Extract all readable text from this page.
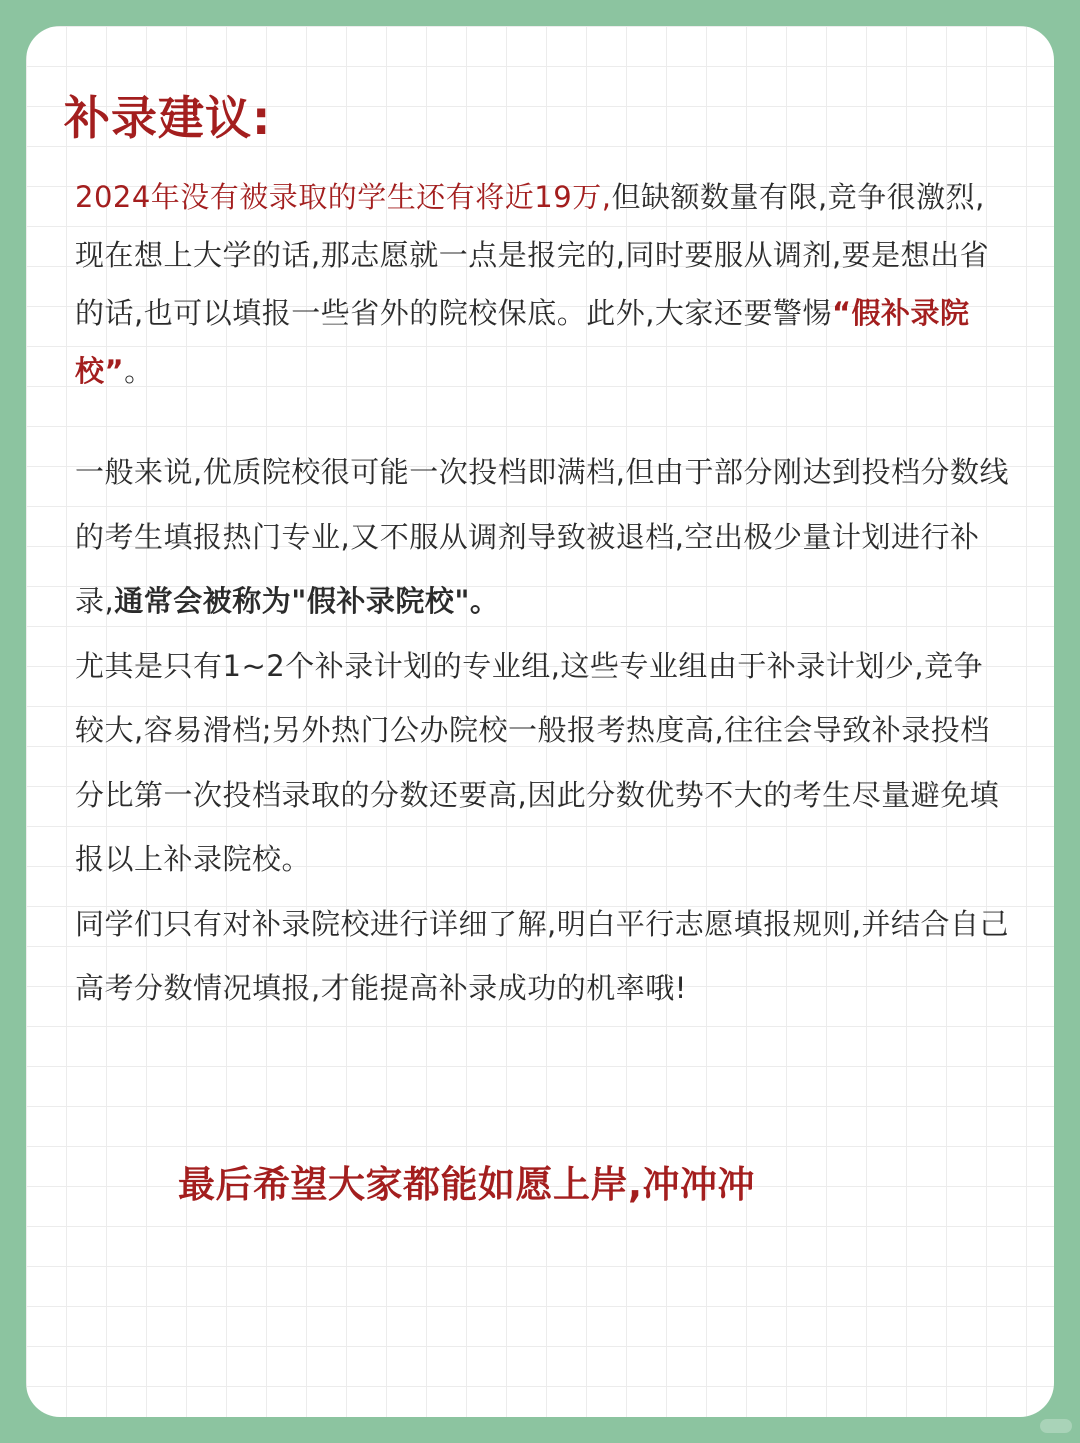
补录建议:

2024年没有被录取的学生还有将近19万,但缺额数量有限,竞争很激烈,现在想上大学的话,那志愿就一点是报完的,同时要服从调剂,要是想出省的话,也可以填报一些省外的院校保底。此外,大家还要警惕“假补录院校”。

一般来说,优质院校很可能一次投档即满档,但由于部分刚达到投档分数线的考生填报热门专业,又不服从调剂导致被退档,空出极少量计划进行补录,通常会被称为"假补录院校"。
尤其是只有1~2个补录计划的专业组,这些专业组由于补录计划少,竞争较大,容易滑档;另外热门公办院校一般报考热度高,往往会导致补录投档分比第一次投档录取的分数还要高,因此分数优势不大的考生尽量避免填报以上补录院校。
同学们只有对补录院校进行详细了解,明白平行志愿填报规则,并结合自己高考分数情况填报,才能提高补录成功的机率哦!

最后希望大家都能如愿上岸,冲冲冲
